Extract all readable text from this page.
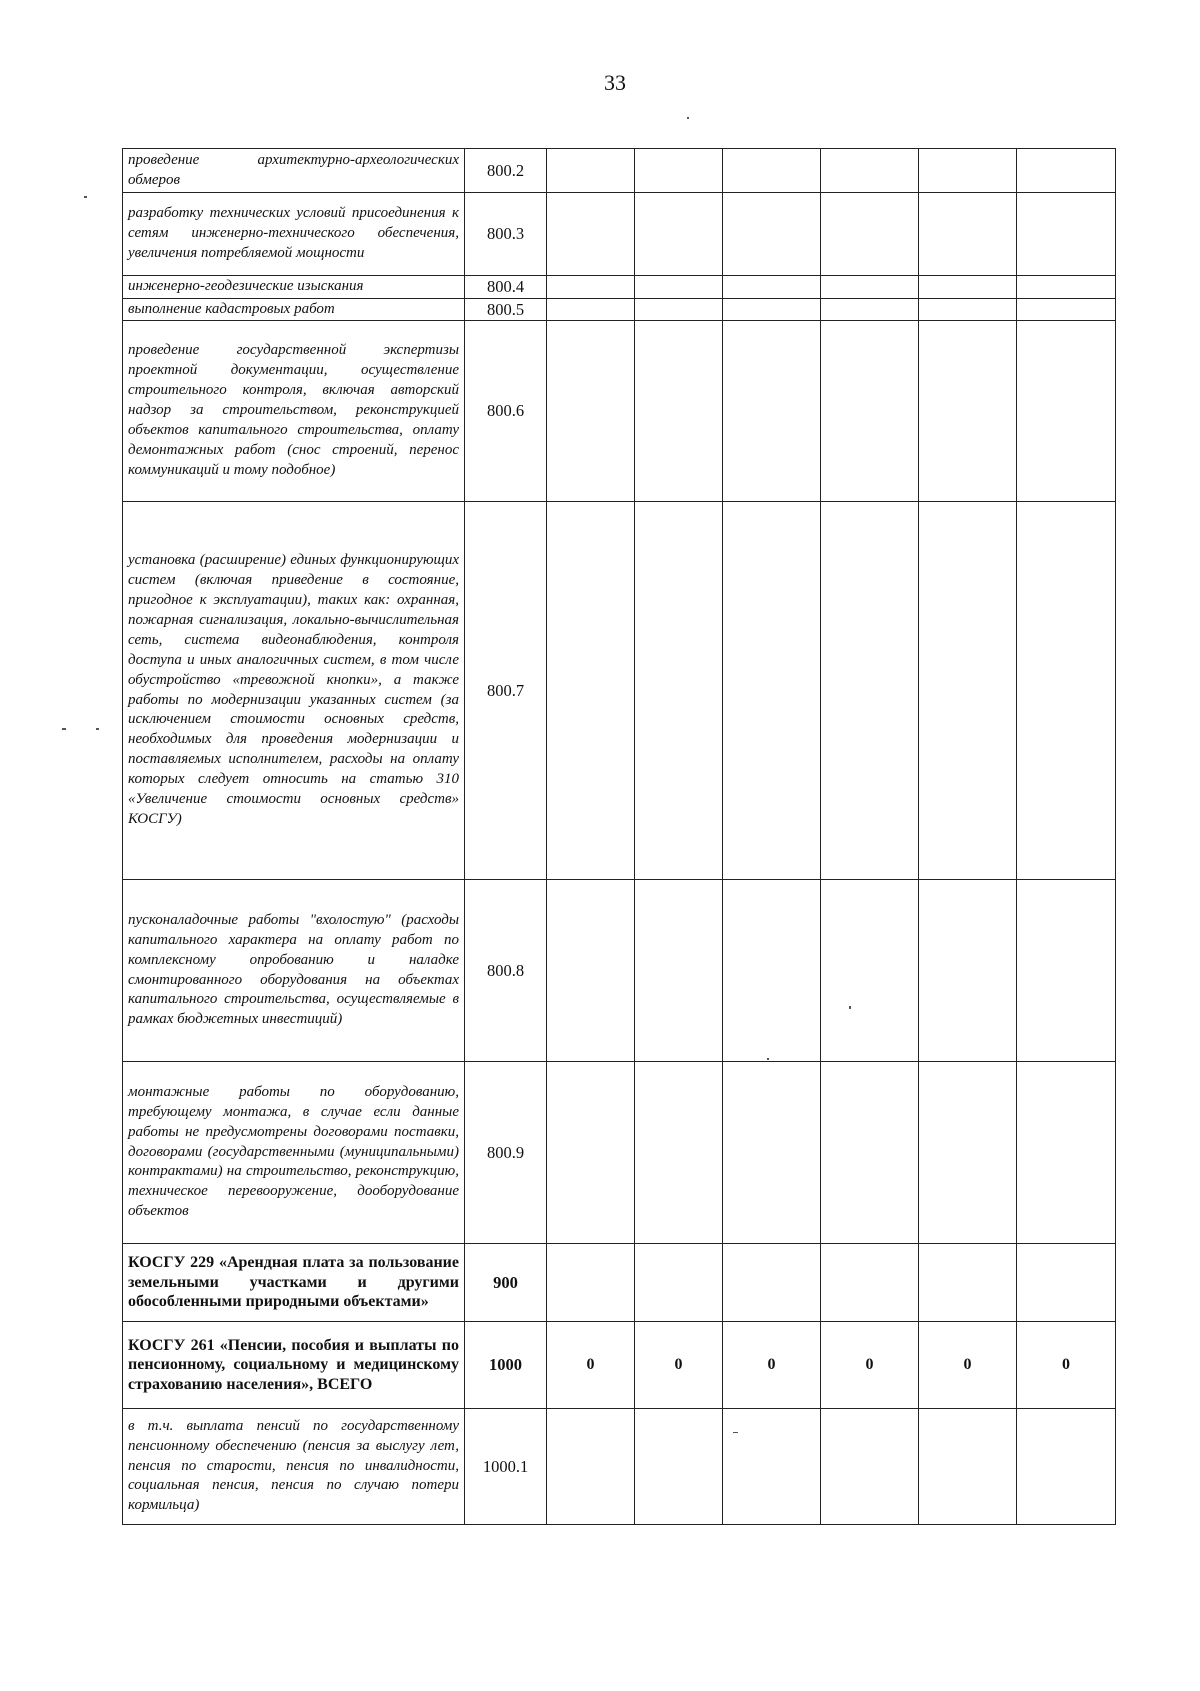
33
проведение архитектурно-археологических обмеров	800.2						
разработку технических условий присоединения к сетям инженерно-технического обеспечения, увеличения потребляемой мощности	800.3						
инженерно-геодезические изыскания	800.4						
выполнение кадастровых работ	800.5						
проведение государственной экспертизы проектной документации, осуществление строительного контроля, включая авторский надзор за строительством, реконструкцией объектов капитального строительства, оплату демонтажных работ (снос строений, перенос коммуникаций и тому подобное)	800.6						
установка (расширение) единых функционирующих систем (включая приведение в состояние, пригодное к эксплуатации), таких как: охранная, пожарная сигнализация, локально-вычислительная сеть, система видеонаблюдения, контроля доступа и иных аналогичных систем, в том числе обустройство «тревожной кнопки», а также работы по модернизации указанных систем (за исключением стоимости основных средств, необходимых для проведения модернизации и поставляемых исполнителем, расходы на оплату которых следует относить на статью 310 «Увеличение стоимости основных средств» КОСГУ)	800.7						
пусконаладочные работы "вхолостую" (расходы капитального характера на оплату работ по комплексному опробованию и наладке смонтированного оборудования на объектах капитального строительства, осуществляемые в рамках бюджетных инвестиций)	800.8						
монтажные работы по оборудованию, требующему монтажа, в случае если данные работы не предусмотрены договорами поставки, договорами (государственными (муниципальными) контрактами) на строительство, реконструкцию, техническое перевооружение, дооборудование объектов	800.9						
КОСГУ 229 «Арендная плата за пользование земельными участками и другими обособленными природными объектами»	900						
КОСГУ 261 «Пенсии, пособия и выплаты по пенсионному, социальному и медицинскому страхованию населения», ВСЕГО	1000	0	0	0	0	0	0
в т.ч. выплата пенсий по государственному пенсионному обеспечению (пенсия за выслугу лет, пенсия по старости, пенсия по инвалидности, социальная пенсия, пенсия по случаю потери кормильца)	1000.1						
